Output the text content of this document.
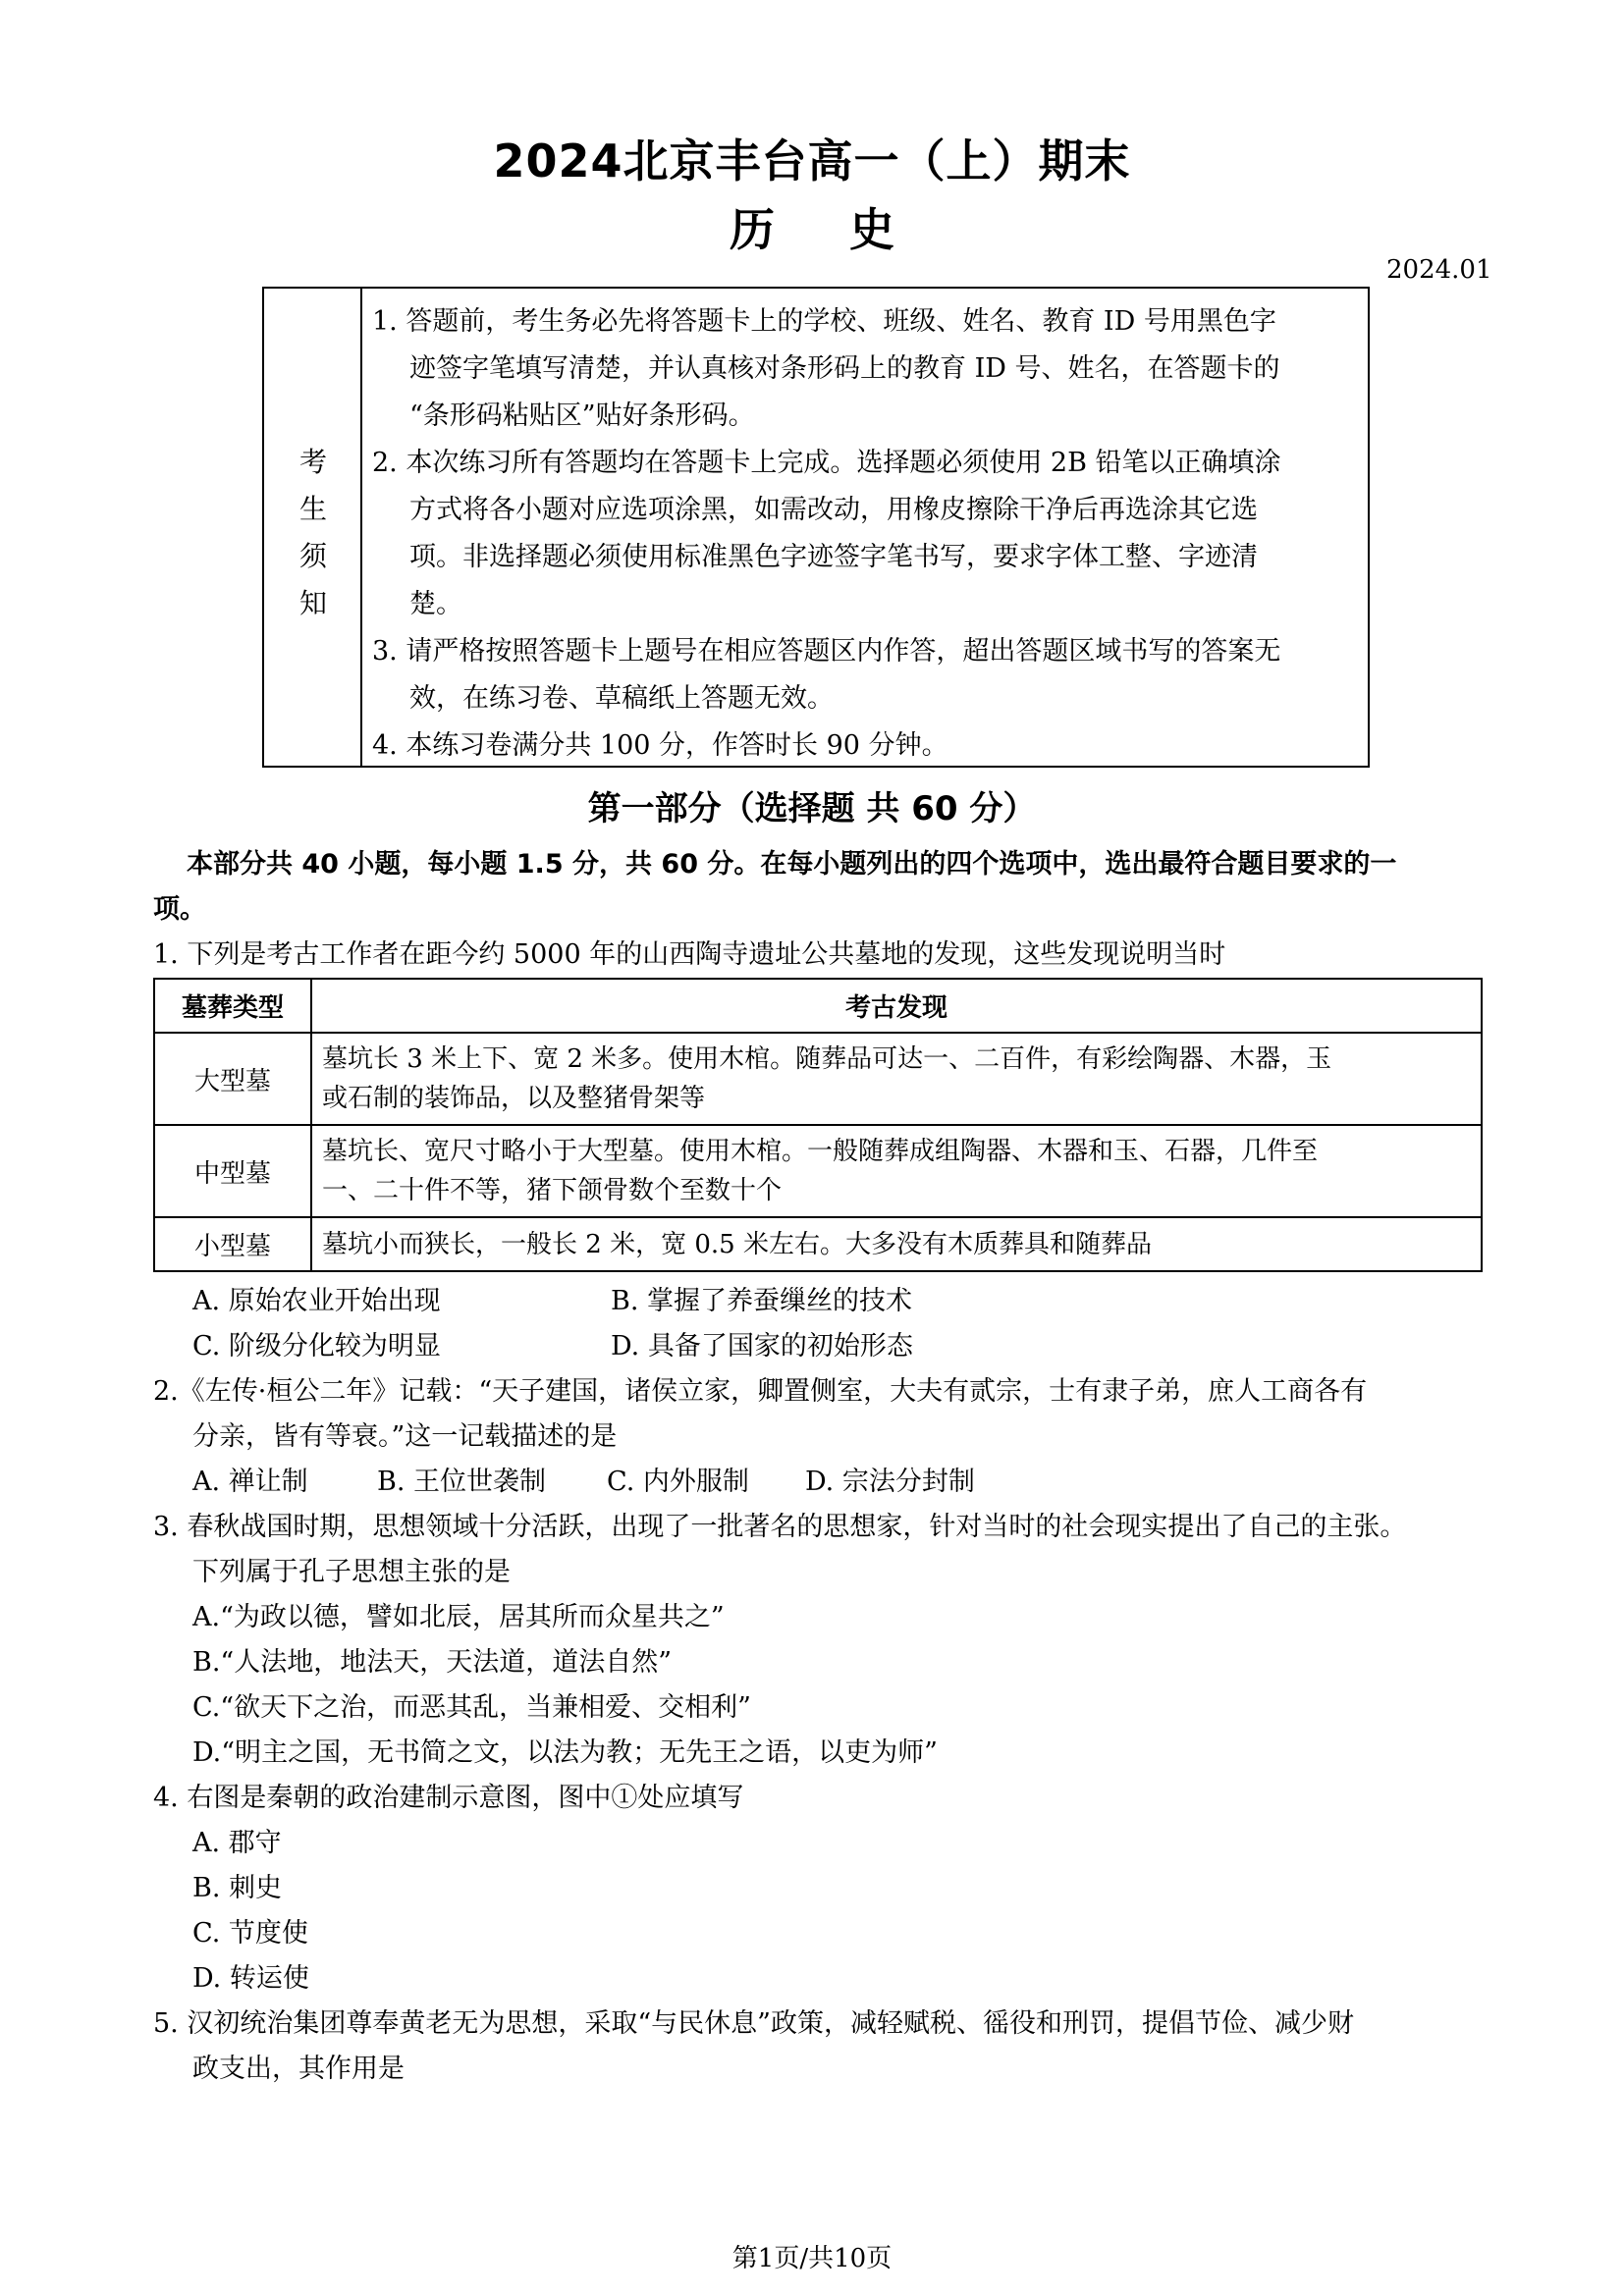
2024北京丰台高一（上）期末
历 史
2024.01
考
生
须
知
1. 答题前，考生务必先将答题卡上的学校、班级、姓名、教育 ID 号用黑色字
迹签字笔填写清楚，并认真核对条形码上的教育 ID 号、姓名，在答题卡的
“条形码粘贴区”贴好条形码。
2. 本次练习所有答题均在答题卡上完成。选择题必须使用 2B 铅笔以正确填涂
方式将各小题对应选项涂黑，如需改动，用橡皮擦除干净后再选涂其它选
项。非选择题必须使用标准黑色字迹签字笔书写，要求字体工整、字迹清
楚。
3. 请严格按照答题卡上题号在相应答题区内作答，超出答题区域书写的答案无
效，在练习卷、草稿纸上答题无效。
4. 本练习卷满分共 100 分，作答时长 90 分钟。
第一部分（选择题 共 60 分）
本部分共 40 小题，每小题 1.5 分，共 60 分。在每小题列出的四个选项中，选出最符合题目要求的一
项。
1. 下列是考古工作者在距今约 5000 年的山西陶寺遗址公共墓地的发现，这些发现说明当时
墓葬类型	考古发现
大型墓	墓坑长 3 米上下、宽 2 米多。使用木棺。随葬品可达一、二百件，有彩绘陶器、木器，玉
或石制的装饰品，以及整猪骨架等

中型墓	墓坑长、宽尺寸略小于大型墓。使用木棺。一般随葬成组陶器、木器和玉、石器，几件至
一、二十件不等，猪下颌骨数个至数十个

小型墓	墓坑小而狭长，一般长 2 米，宽 0.5 米左右。大多没有木质葬具和随葬品
A. 原始农业开始出现	B. 掌握了养蚕缫丝的技术
C. 阶级分化较为明显	D. 具备了国家的初始形态
2.《左传·桓公二年》记载：“天子建国，诸侯立家，卿置侧室，大夫有贰宗，士有隶子弟，庶人工商各有
分亲，皆有等衰。”这一记载描述的是
A. 禅让制	B. 王位世袭制 C. 内外服制 D. 宗法分封制
3. 春秋战国时期，思想领域十分活跃，出现了一批著名的思想家，针对当时的社会现实提出了自己的主张。
下列属于孔子思想主张的是
A.“为政以德，譬如北辰，居其所而众星共之”
B.“人法地，地法天，天法道，道法自然”
C.“欲天下之治，而恶其乱，当兼相爱、交相利”
D.“明主之国，无书简之文，以法为教；无先王之语，以吏为师”
4. 右图是秦朝的政治建制示意图，图中①处应填写
A. 郡守
B. 刺史
C. 节度使
D. 转运使
5. 汉初统治集团尊奉黄老无为思想，采取“与民休息”政策，减轻赋税、徭役和刑罚，提倡节俭、减少财
政支出，其作用是
第1页/共10页
